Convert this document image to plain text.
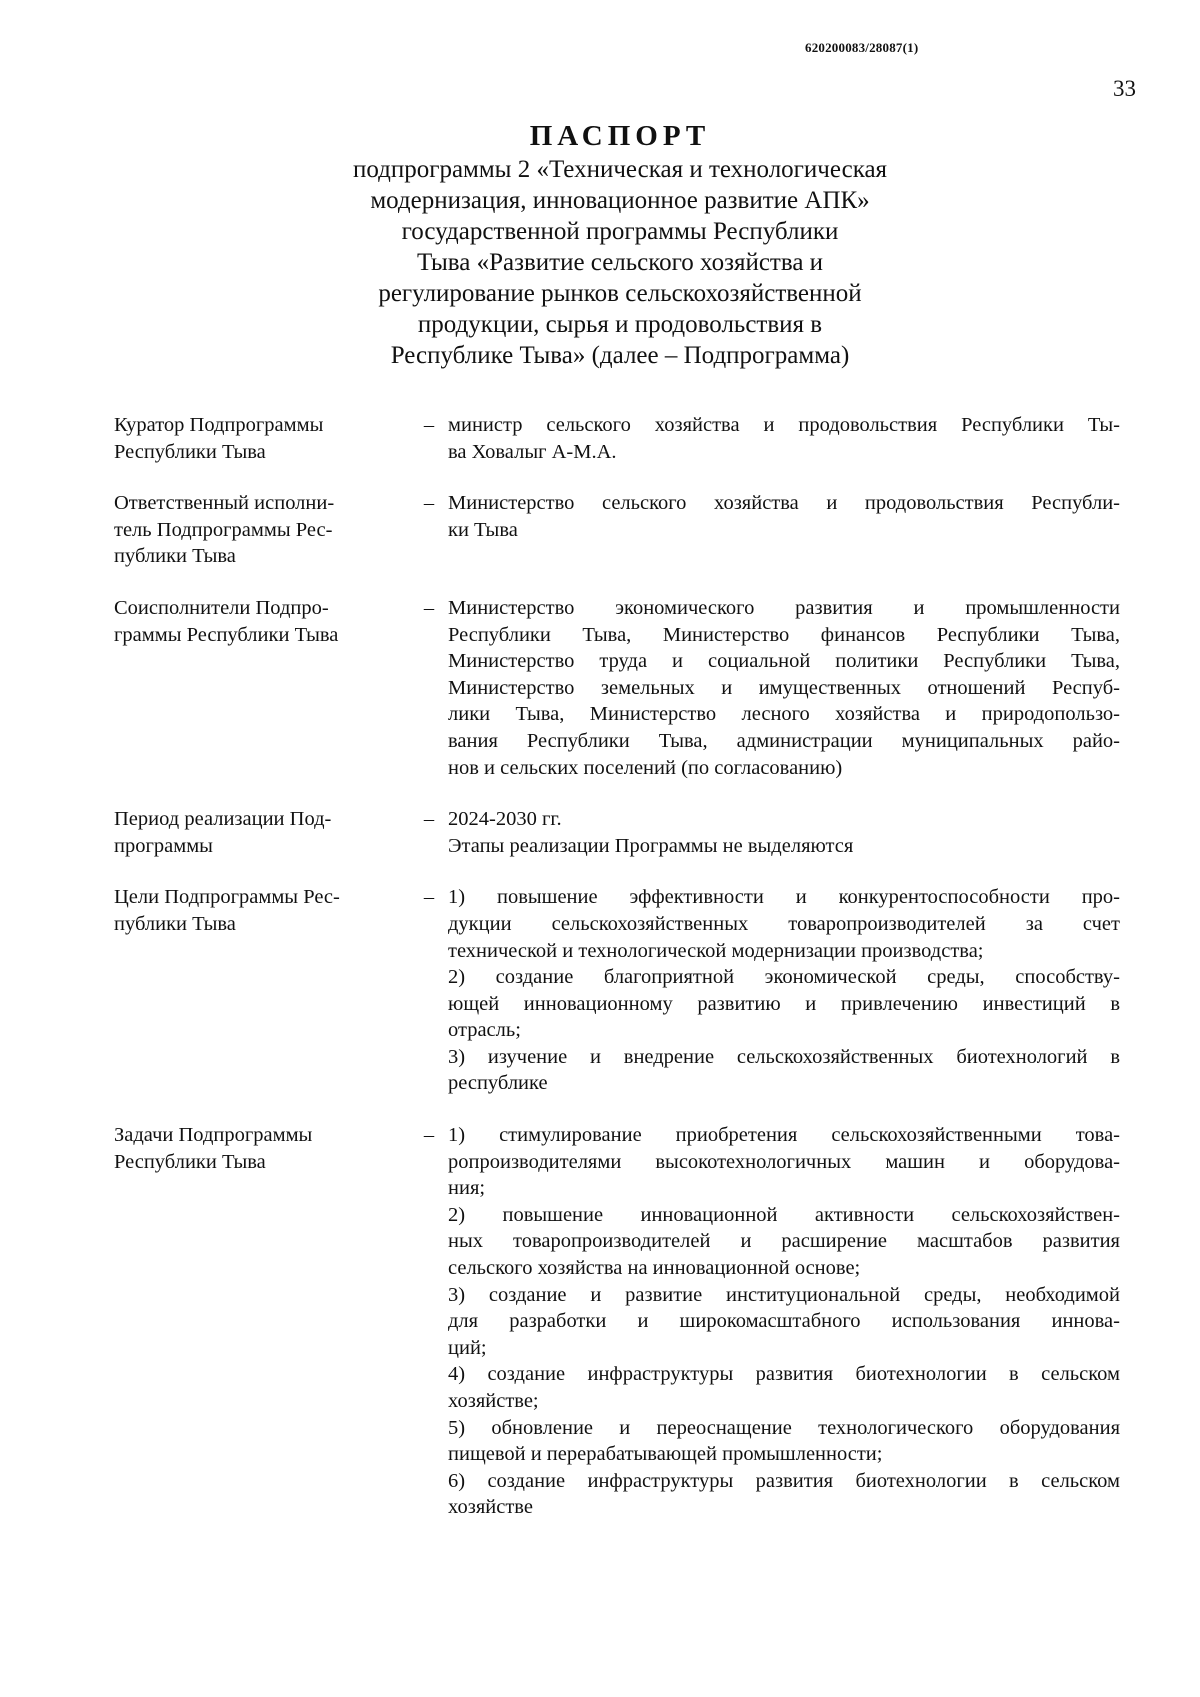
620200083/28087(1)
33
ПАСПОРТ
подпрограммы 2 «Техническая и технологическая
модернизация, инновационное развитие АПК»
государственной программы Республики
Тыва «Развитие сельского хозяйства и
регулирование рынков сельскохозяйственной
продукции, сырья и продовольствия в
Республике Тыва» (далее – Подпрограмма)
Куратор Подпрограммы
Республики Тыва
– министр сельского хозяйства и продовольствия Республики Ты-
ва Ховалыг А-М.А.
Ответственный исполни-
тель Подпрограммы Рес-
публики Тыва
– Министерство сельского хозяйства и продовольствия Республи-
ки Тыва
Соисполнители Подпро-
граммы Республики Тыва
– Министерство экономического развития и промышленности
Республики Тыва, Министерство финансов Республики Тыва,
Министерство труда и социальной политики Республики Тыва,
Министерство земельных и имущественных отношений Респуб-
лики Тыва, Министерство лесного хозяйства и природопользо-
вания Республики Тыва, администрации муниципальных райо-
нов и сельских поселений (по согласованию)
Период реализации Под-
программы
– 2024-2030 гг.
Этапы реализации Программы не выделяются
Цели Подпрограммы Рес-
публики Тыва
– 1) повышение эффективности и конкурентоспособности про-
дукции сельскохозяйственных товаропроизводителей за счет
технической и технологической модернизации производства;
2) создание благоприятной экономической среды, способству-
ющей инновационному развитию и привлечению инвестиций в
отрасль;
3) изучение и внедрение сельскохозяйственных биотехнологий в
республике
Задачи Подпрограммы
Республики Тыва
– 1) стимулирование приобретения сельскохозяйственными това-
ропроизводителями высокотехнологичных машин и оборудова-
ния;
2) повышение инновационной активности сельскохозяйствен-
ных товаропроизводителей и расширение масштабов развития
сельского хозяйства на инновационной основе;
3) создание и развитие институциональной среды, необходимой
для разработки и широкомасштабного использования иннова-
ций;
4) создание инфраструктуры развития биотехнологии в сельском
хозяйстве;
5) обновление и переоснащение технологического оборудования
пищевой и перерабатывающей промышленности;
6) создание инфраструктуры развития биотехнологии в сельском
хозяйстве
